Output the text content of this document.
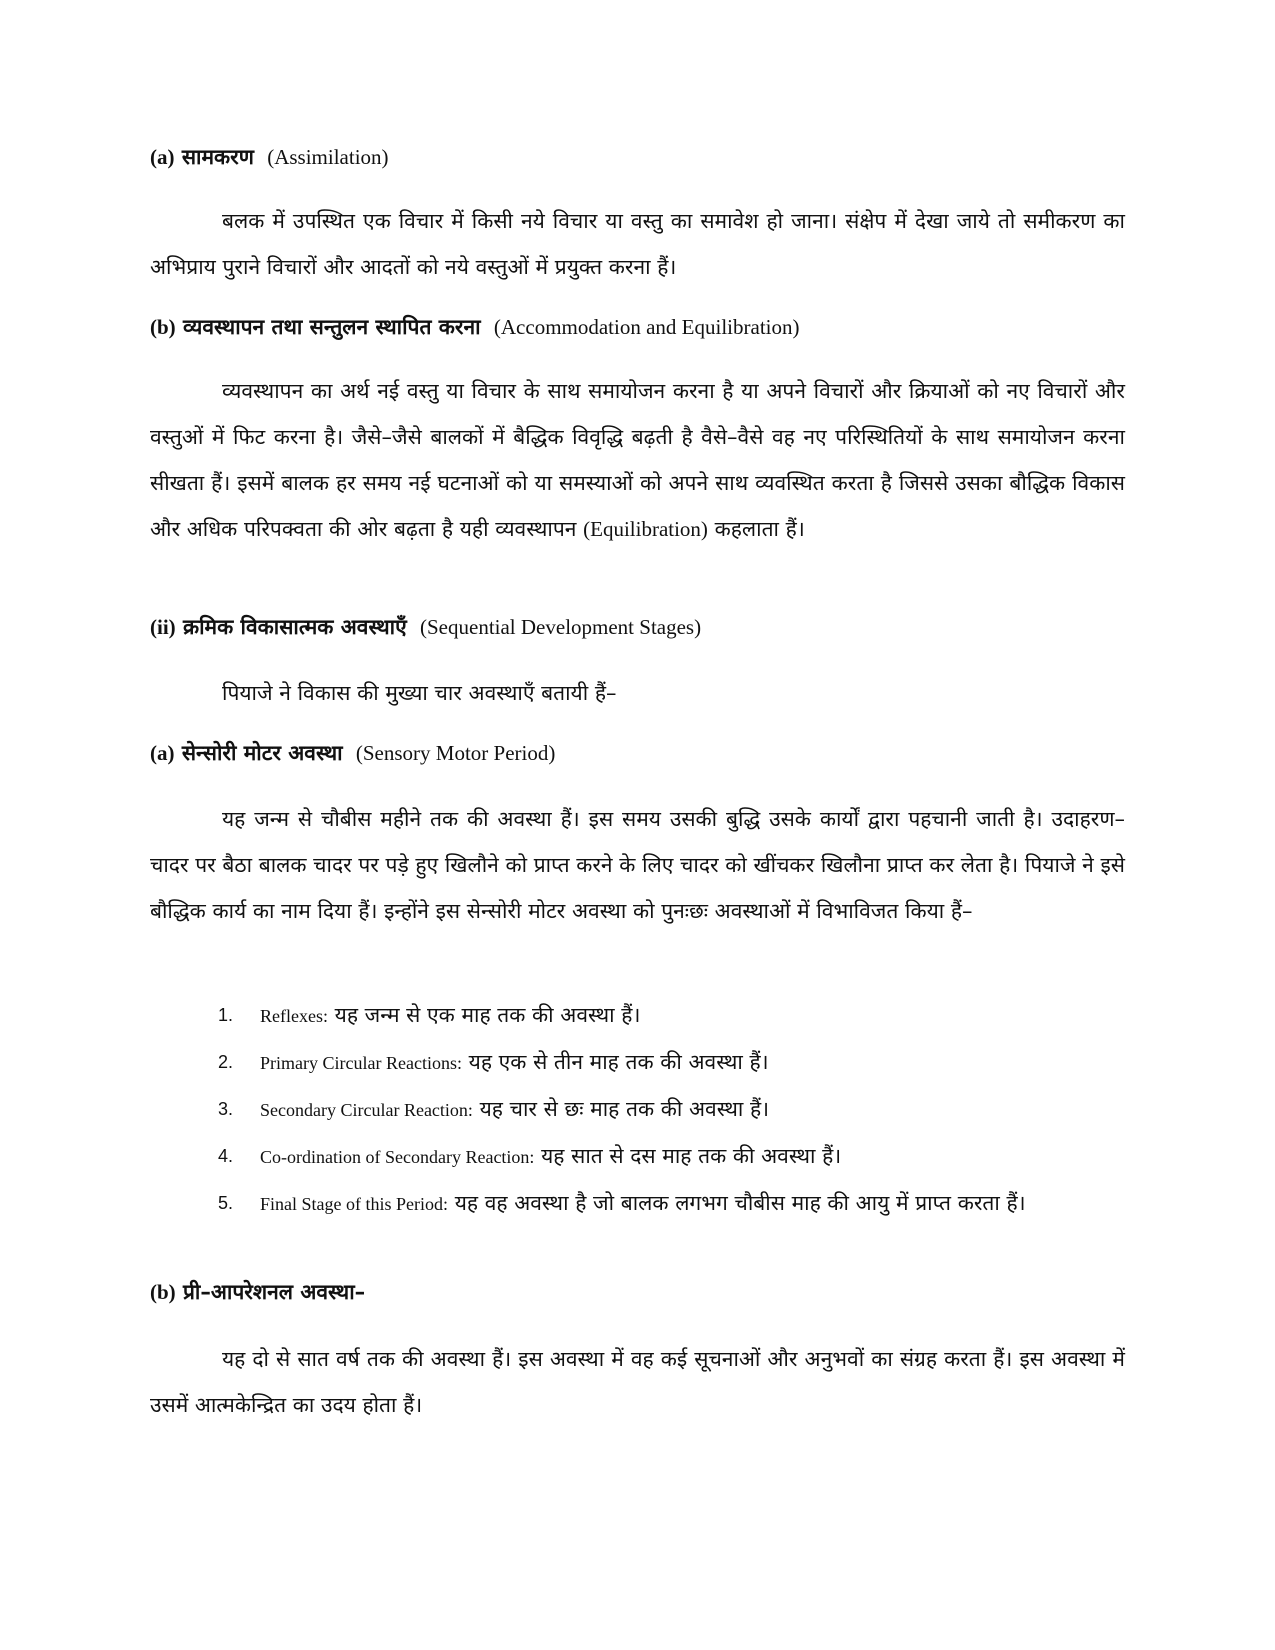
(a) सामकरण (Assimilation)

बलक में उपस्थित एक विचार में किसी नये विचार या वस्तु का समावेश हो जाना। संक्षेप में देखा जाये तो समीकरण का अभिप्राय पुराने विचारों और आदतों को नये वस्तुओं में प्रयुक्त करना हैं।

(b) व्यवस्थापन तथा सन्तुलन स्थापित करना (Accommodation and Equilibration)

व्यवस्थापन का अर्थ नई वस्तु या विचार के साथ समायोजन करना है या अपने विचारों और क्रियाओं को नए विचारों और वस्तुओं में फिट करना है। जैसे–जैसे बालकों में बैद्धिक विवृद्धि बढ़ती है वैसे–वैसे वह नए परिस्थितियों के साथ समायोजन करना सीखता हैं। इसमें बालक हर समय नई घटनाओं को या समस्याओं को अपने साथ व्यवस्थित करता है जिससे उसका बौद्धिक विकास और अधिक परिपक्वता की ओर बढ़ता है यही व्यवस्थापन (Equilibration) कहलाता हैं।

(ii) क्रमिक विकासात्मक अवस्थाएँ (Sequential Development Stages)

पियाजे ने विकास की मुख्या चार अवस्थाएँ बतायी हैं–

(a) सेन्सोरी मोटर अवस्था (Sensory Motor Period)

यह जन्म से चौबीस महीने तक की अवस्था हैं। इस समय उसकी बुद्धि उसके कार्यों द्वारा पहचानी जाती है। उदाहरण– चादर पर बैठा बालक चादर पर पड़े हुए खिलौने को प्राप्त करने के लिए चादर को खींचकर खिलौना प्राप्त कर लेता है। पियाजे ने इसे बौद्धिक कार्य का नाम दिया हैं। इन्होंने इस सेन्सोरी मोटर अवस्था को पुनःछः अवस्थाओं में विभाविजत किया हैं–

1. Reflexes: यह जन्म से एक माह तक की अवस्था हैं।
2. Primary Circular Reactions: यह एक से तीन माह तक की अवस्था हैं।
3. Secondary Circular Reaction: यह चार से छः माह तक की अवस्था हैं।
4. Co-ordination of Secondary Reaction: यह सात से दस माह तक की अवस्था हैं।
5. Final Stage of this Period: यह वह अवस्था है जो बालक लगभग चौबीस माह की आयु में प्राप्त करता हैं।
(b) प्री–आपरेशनल अवस्था–

यह दो से सात वर्ष तक की अवस्था हैं। इस अवस्था में वह कई सूचनाओं और अनुभवों का संग्रह करता हैं। इस अवस्था में उसमें आत्मकेन्द्रित का उदय होता हैं।
